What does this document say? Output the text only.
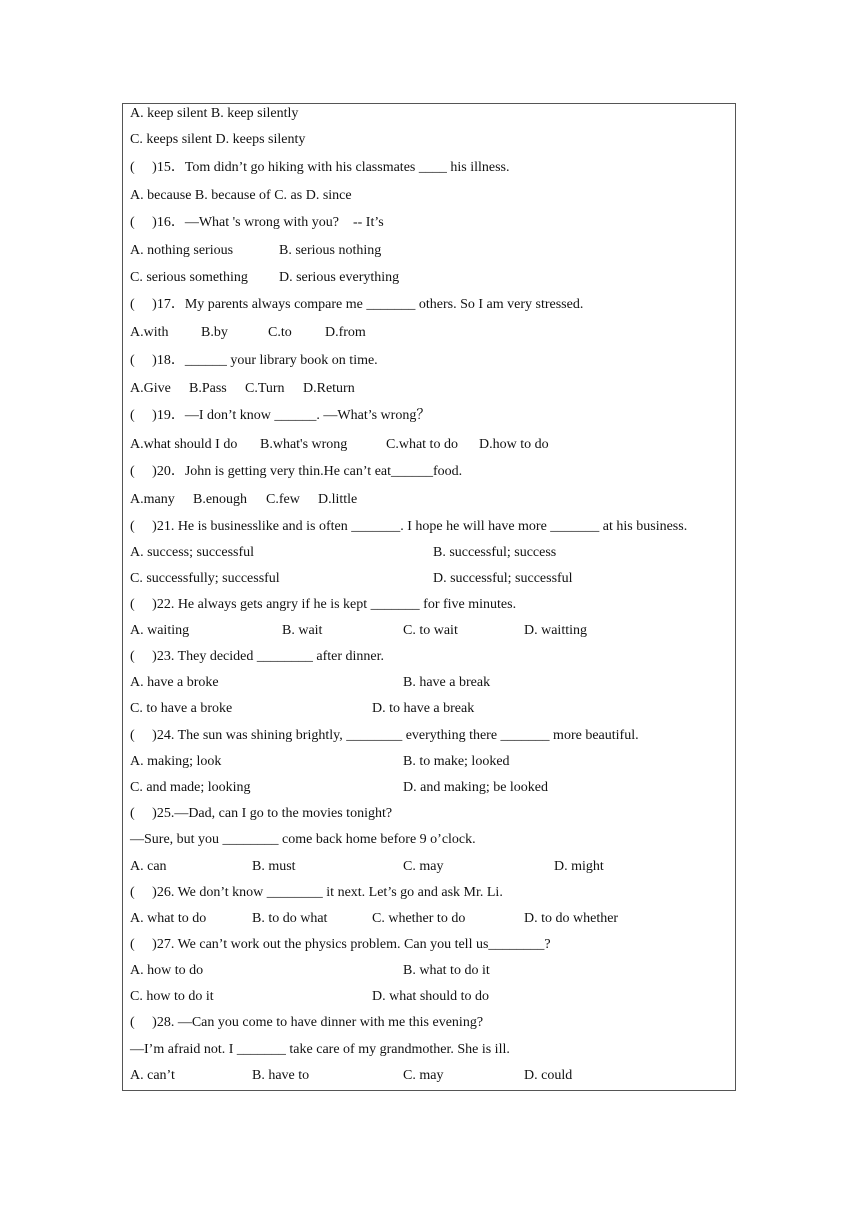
A. keep silent B. keep silently
C. keeps silent D. keeps silenty
(     )15．Tom didn’t go hiking with his classmates ____ his illness.
A. because B. because of C. as D. since
(     )16．—What 's wrong with you?    -- It’s
A. nothing serious	B. serious nothing
C. serious something D. serious everything
(     )17．My parents always compare me _______ others. So I am very stressed.
A.with B.by	C.to D.from
(     )18．______ your library book on time.
A.Give B.Pass C.Turn D.Return
(     )19．—I don’t know ______. —What’s wrong？
A.what should I do B.what's wrong	C.what to do D.how to do
(     )20．John is getting very thin.He can’t eat______food.
A.many B.enough C.few D.little
(     )21. He is businesslike and is often _______. I hope he will have more _______ at his business.
A. success; successful	B. successful; success
C. successfully; successful	D. successful; successful
(     )22. He always gets angry if he is kept _______ for five minutes.
A. waiting	B. wait	C. to wait	D. waitting
(     )23. They decided ________ after dinner.
A. have a broke	B. have a break
C. to have a broke	D. to have a break
(     )24. The sun was shining brightly, ________ everything there _______ more beautiful.
A. making; look	B. to make; looked
C. and made; looking	D. and making; be looked
(     )25.—Dad, can I go to the movies tonight?
—Sure, but you ________ come back home before 9 o’clock.
A. can	B. must	C. may	D. might
(     )26. We don’t know ________ it next. Let’s go and ask Mr. Li.
A. what to do	B. to do what	C. whether to do	D. to do whether
(     )27. We can’t work out the physics problem. Can you tell us________?
A. how to do	B. what to do it
C. how to do it	D. what should to do
(     )28. —Can you come to have dinner with me this evening?
—I’m afraid not. I _______ take care of my grandmother. She is ill.
A. can’t	B. have to	C. may	D. could
